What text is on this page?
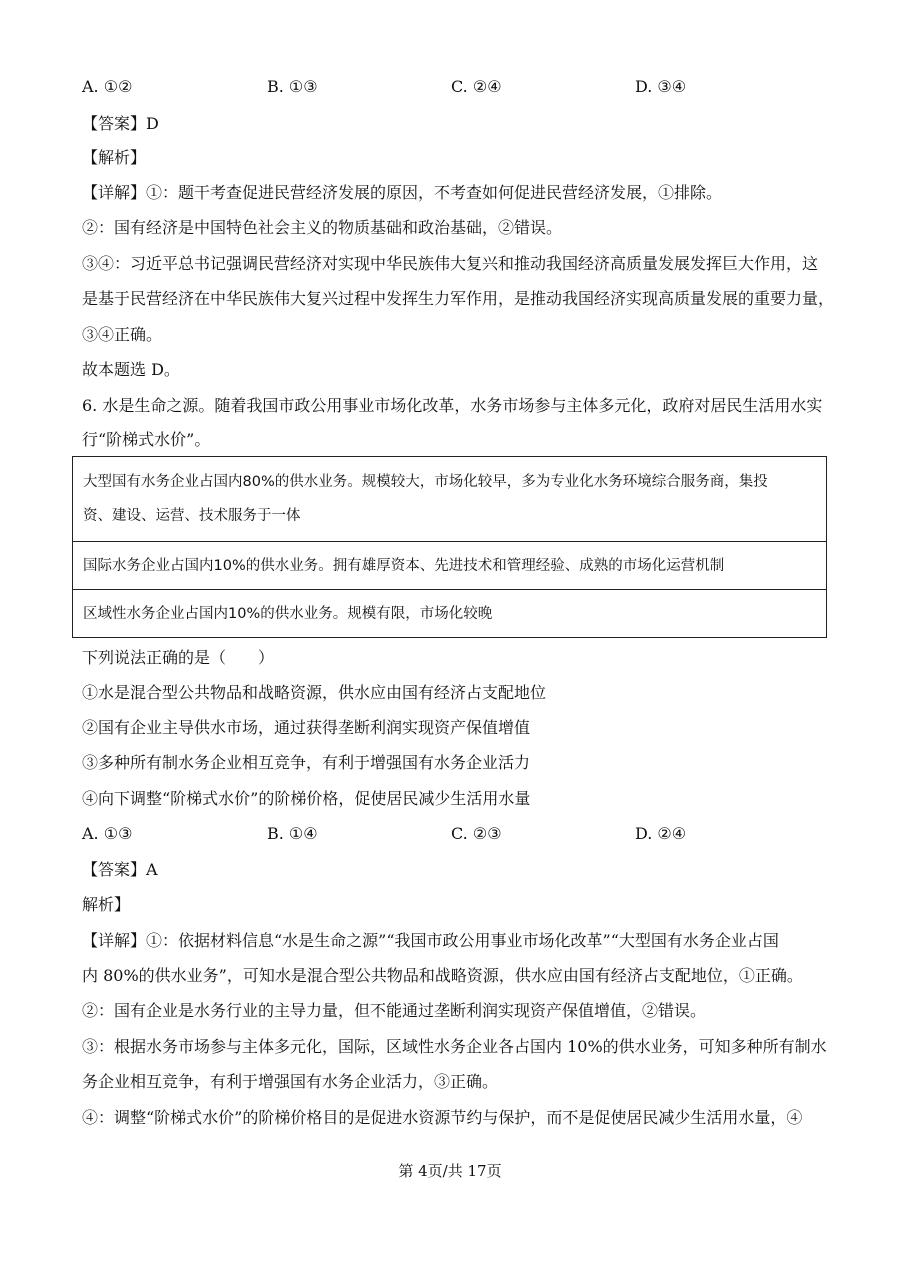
A. ①②	B. ①③	C. ②④	D. ③④
【答案】D
【解析】
【详解】①：题干考查促进民营经济发展的原因，不考查如何促进民营经济发展，①排除。
②：国有经济是中国特色社会主义的物质基础和政治基础，②错误。
③④：习近平总书记强调民营经济对实现中华民族伟大复兴和推动我国经济高质量发展发挥巨大作用，这
是基于民营经济在中华民族伟大复兴过程中发挥生力军作用，是推动我国经济实现高质量发展的重要力量，
③④正确。
故本题选 D。
6. 水是生命之源。随着我国市政公用事业市场化改革，水务市场参与主体多元化，政府对居民生活用水实
行“阶梯式水价”。
大型国有水务企业占国内80%的供水业务。规模较大，市场化较早，多为专业化水务环境综合服务商，集投
资、建设、运营、技术服务于一体
国际水务企业占国内10%的供水业务。拥有雄厚资本、先进技术和管理经验、成熟的市场化运营机制
区域性水务企业占国内10%的供水业务。规模有限，市场化较晚
下列说法正确的是（　　）
①水是混合型公共物品和战略资源，供水应由国有经济占支配地位
②国有企业主导供水市场，通过获得垄断利润实现资产保值增值
③多种所有制水务企业相互竞争，有利于增强国有水务企业活力
④向下调整“阶梯式水价”的阶梯价格，促使居民减少生活用水量
A. ①③	B. ①④	C. ②③	D. ②④
【答案】A
解析】
【详解】①：依据材料信息“水是生命之源”“我国市政公用事业市场化改革”“大型国有水务企业占国
内 80%的供水业务”，可知水是混合型公共物品和战略资源，供水应由国有经济占支配地位，①正确。
②：国有企业是水务行业的主导力量，但不能通过垄断利润实现资产保值增值，②错误。
③：根据水务市场参与主体多元化，国际，区域性水务企业各占国内 10%的供水业务，可知多种所有制水
务企业相互竞争，有利于增强国有水务企业活力，③正确。
④：调整“阶梯式水价”的阶梯价格目的是促进水资源节约与保护，而不是促使居民减少生活用水量，④
第 4页/共 17页
